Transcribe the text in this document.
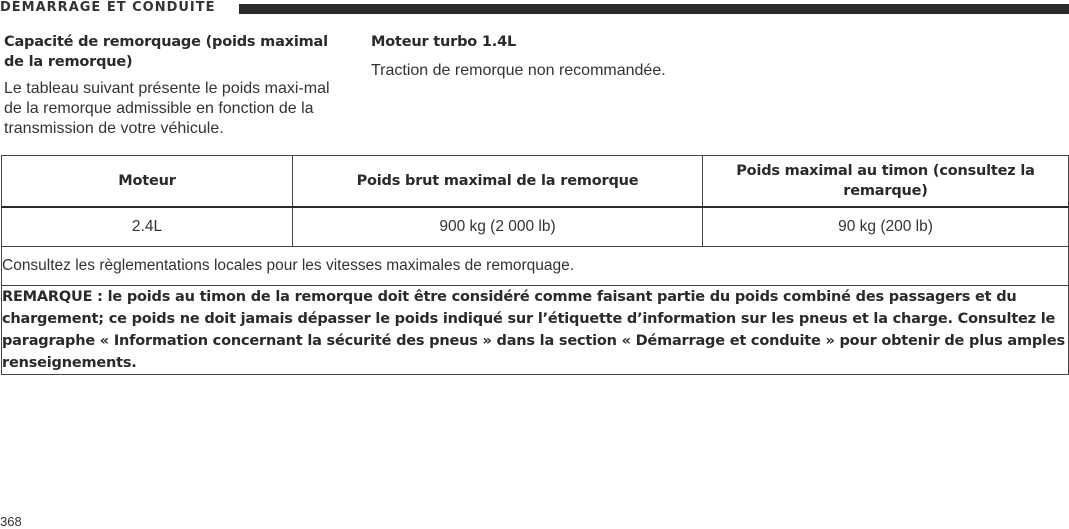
DÉMARRAGE ET CONDUITE
Capacité de remorquage (poids maximal de la remorque)

Le tableau suivant présente le poids maxi-mal de la remorque admissible en fonction de la transmission de votre véhicule.

Moteur turbo 1.4L

Traction de remorque non recommandée.

Moteur	Poids brut maximal de la remorque	Poids maximal au timon (consultez la remarque)
2.4L	900 kg (2 000 lb)	90 kg (200 lb)
Consultez les règlementations locales pour les vitesses maximales de remorquage.		
REMARQUE : le poids au timon de la remorque doit être considéré comme faisant partie du poids combiné des passagers et du chargement; ce poids ne doit jamais dépasser le poids indiqué sur l’étiquette d’information sur les pneus et la charge. Consultez le paragraphe « Information concernant la sécurité des pneus » dans la section « Démarrage et conduite » pour obtenir de plus amples renseignements.		
368
